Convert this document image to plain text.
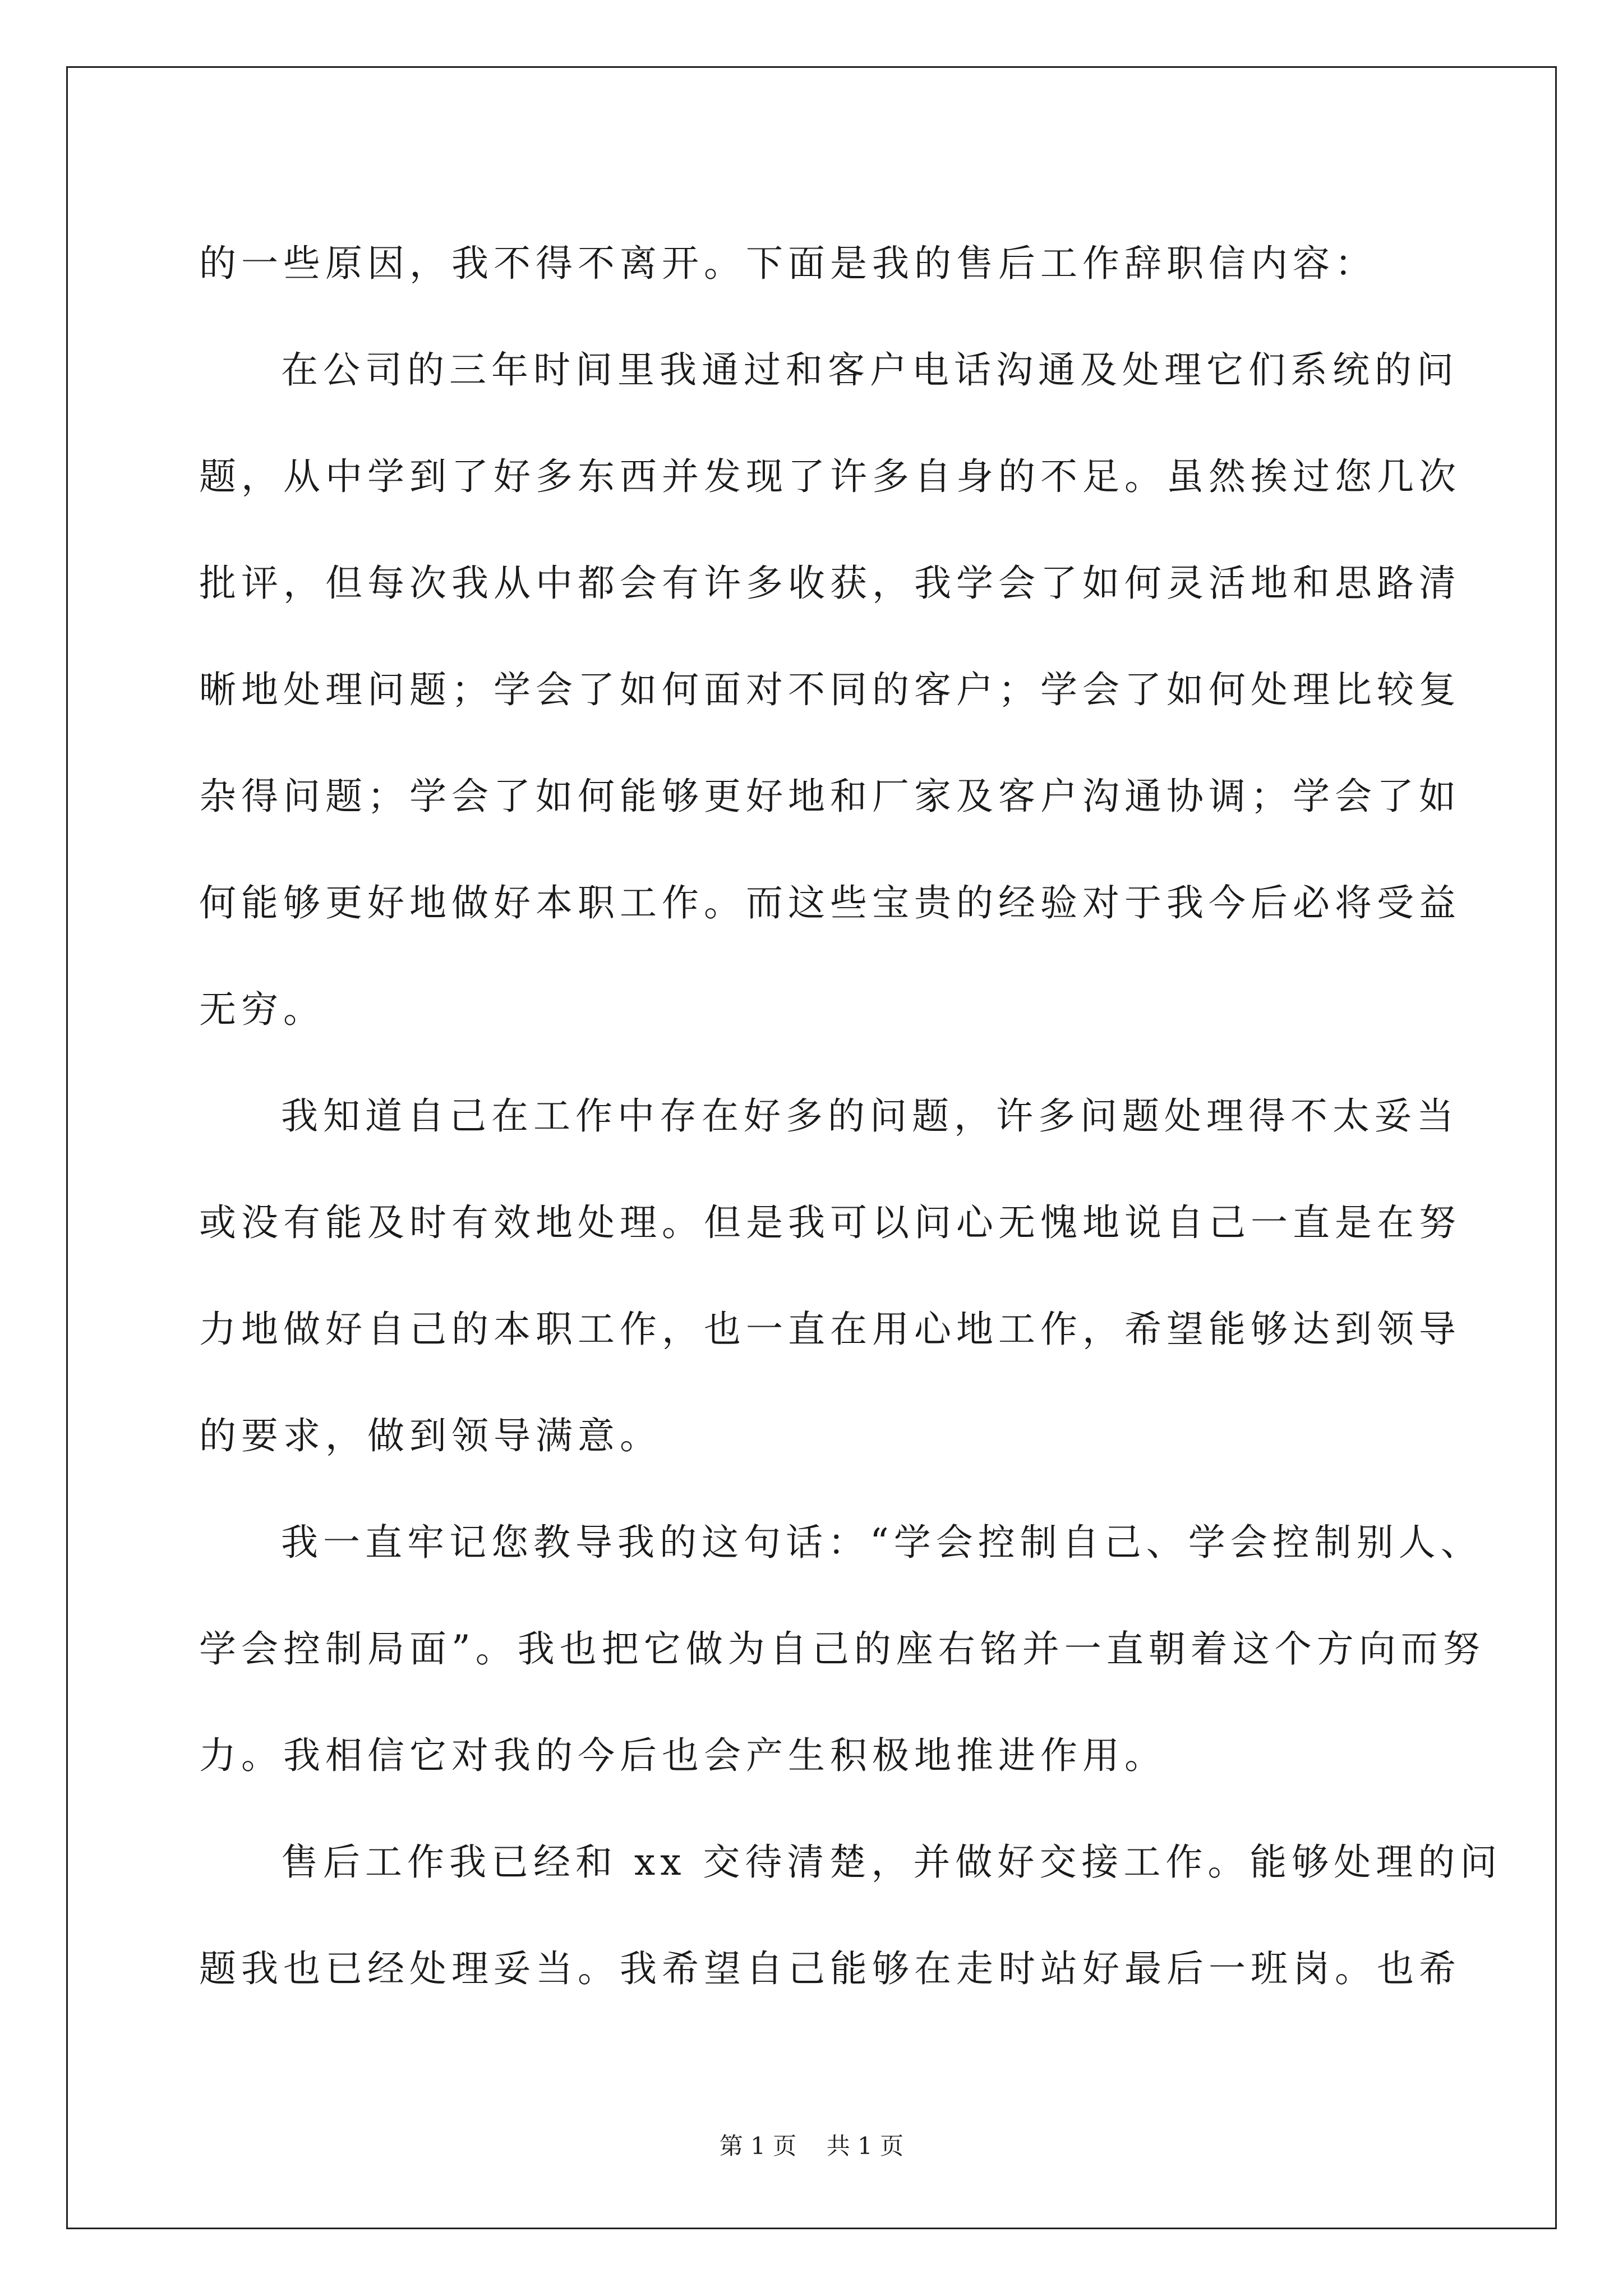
的一些原因，我不得不离开。下面是我的售后工作辞职信内容：
在公司的三年时间里我通过和客户电话沟通及处理它们系统的问
题，从中学到了好多东西并发现了许多自身的不足。虽然挨过您几次
批评，但每次我从中都会有许多收获，我学会了如何灵活地和思路清
晰地处理问题；学会了如何面对不同的客户；学会了如何处理比较复
杂得问题；学会了如何能够更好地和厂家及客户沟通协调；学会了如
何能够更好地做好本职工作。而这些宝贵的经验对于我今后必将受益
无穷。
我知道自己在工作中存在好多的问题，许多问题处理得不太妥当
或没有能及时有效地处理。但是我可以问心无愧地说自己一直是在努
力地做好自己的本职工作，也一直在用心地工作，希望能够达到领导
的要求，做到领导满意。
我一直牢记您教导我的这句话：“学会控制自己、学会控制别人、
学会控制局面”。我也把它做为自己的座右铭并一直朝着这个方向而努
力。我相信它对我的今后也会产生积极地推进作用。
售后工作我已经和 xx 交待清楚，并做好交接工作。能够处理的问
题我也已经处理妥当。我希望自己能够在走时站好最后一班岗。也希
第 1 页    共 1 页
